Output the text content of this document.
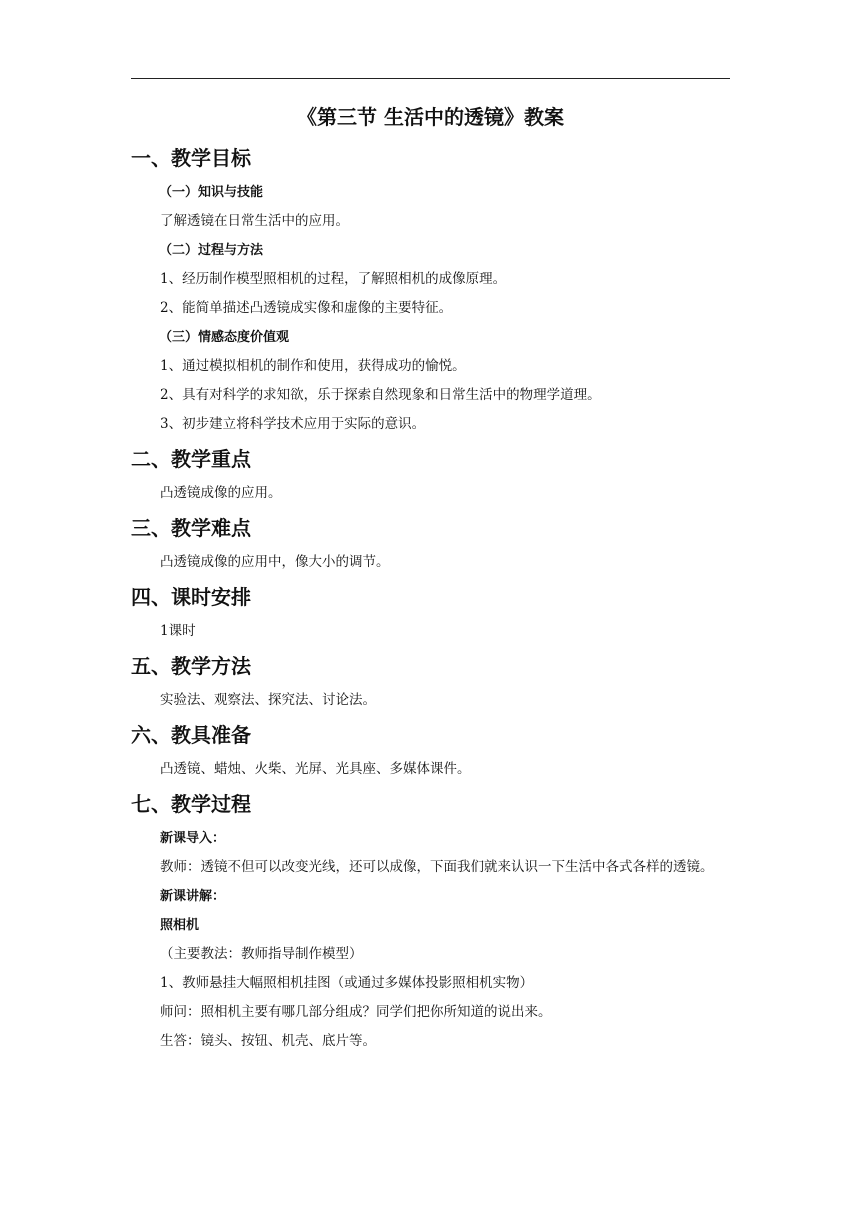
《第三节 生活中的透镜》教案
一、教学目标
（一）知识与技能
了解透镜在日常生活中的应用。
（二）过程与方法
1、经历制作模型照相机的过程，了解照相机的成像原理。
2、能简单描述凸透镜成实像和虚像的主要特征。
（三）情感态度价值观
1、通过模拟相机的制作和使用，获得成功的愉悦。
2、具有对科学的求知欲，乐于探索自然现象和日常生活中的物理学道理。
3、初步建立将科学技术应用于实际的意识。
二、教学重点
凸透镜成像的应用。
三、教学难点
凸透镜成像的应用中，像大小的调节。
四、课时安排
1课时
五、教学方法
实验法、观察法、探究法、讨论法。
六、教具准备
凸透镜、蜡烛、火柴、光屏、光具座、多媒体课件。
七、教学过程
新课导入：
教师：透镜不但可以改变光线，还可以成像，下面我们就来认识一下生活中各式各样的透镜。
新课讲解：
照相机
（主要教法：教师指导制作模型）
1、教师悬挂大幅照相机挂图（或通过多媒体投影照相机实物）
师问：照相机主要有哪几部分组成？同学们把你所知道的说出来。
生答：镜头、按钮、机壳、底片等。
